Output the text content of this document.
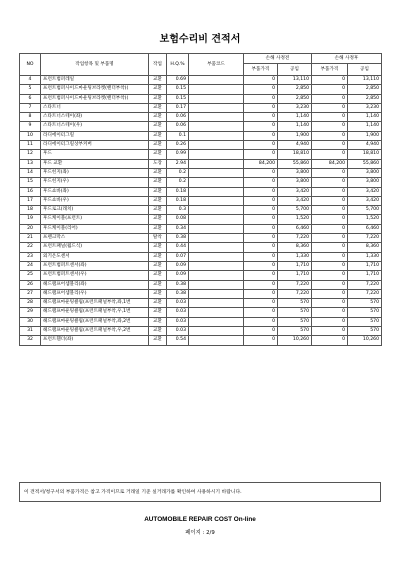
보험수리비 견적서
NO	작업항목 및 부품명	작업	H.Q.%	부품코드	손해 사정전		손해 사정후	
					부품가격	공임	부품가격	공임
4	프런트범퍼레일	교환	0.69		0	13,110	0	13,110
5	프런트범퍼사이드마운팅브라켓(핸더부착)(	교환	0.15		0	2,850	0	2,850
6	프런트범퍼사이드마운팅브라켓(핸더부착)(	교환	0.15		0	2,850	0	2,850
7	스타트너	교환	0.17		0	3,230	0	3,230
8	스타트너스테이(좌)	교환	0.06		0	1,140	0	1,140
9	스타트너스테이(우)	교환	0.06		0	1,140	0	1,140
10	라디에이터그릴	교환	0.1		0	1,900	0	1,900
11	라디에이터그릴상부커버	교환	0.26		0	4,940	0	4,940
12	후드	교환	0.99		0	18,810	0	18,810
13	후드 교환	도장	2.94		84,200	55,860	84,200	55,860
14	후드힌지(좌)	교환	0.2		0	3,800	0	3,800
15	후드힌지(우)	교환	0.2		0	3,800	0	3,800
16	후드쇼바(좌)	교환	0.18		0	3,420	0	3,420
17	후드쇼바(우)	교환	0.18		0	3,420	0	3,420
18	후드로크(래치)	교환	0.3		0	5,700	0	5,700
19	후드케이블(프런트)	교환	0.08		0	1,520	0	1,520
20	후드케이블(리어)	교환	0.34		0	6,460	0	6,460
21	프렌크막스	탈착	0.38		0	7,220	0	7,220
22	프런트패널(월드식)	교환	0.44		0	8,360	0	8,360
23	외기온도센서	교환	0.07		0	1,330	0	1,330
24	프런트범퍼트센서(좌)	교환	0.09		0	1,710	0	1,710
25	프런트범퍼트센서(우)	교환	0.09		0	1,710	0	1,710
26	헤드램프어셈블리(좌)	교환	0.38		0	7,220	0	7,220
27	헤드램프어셈블리(우)	교환	0.38		0	7,220	0	7,220
28	헤드램프마운팅클립(프런트패널부착,좌,1번	교환	0.03		0	570	0	570
29	헤드램프마운팅클립(프런트패널부착,우,1번	교환	0.03		0	570	0	570
30	헤드램프마운팅클립(프런트패널부착,좌,2번	교환	0.03		0	570	0	570
31	헤드램프마운팅클립(프런트패널부착,우,2번	교환	0.03		0	570	0	570
32	프런트휀더(좌)	교환	0.54		0	10,260	0	10,260
이 견적서/청구서의 부품가격은 참고 가격이므로 거래일 기준 실거래가를 확인하여 사용하시기 바랍니다.
AUTOMOBILE REPAIR COST On-line
페이지 : 2/9
